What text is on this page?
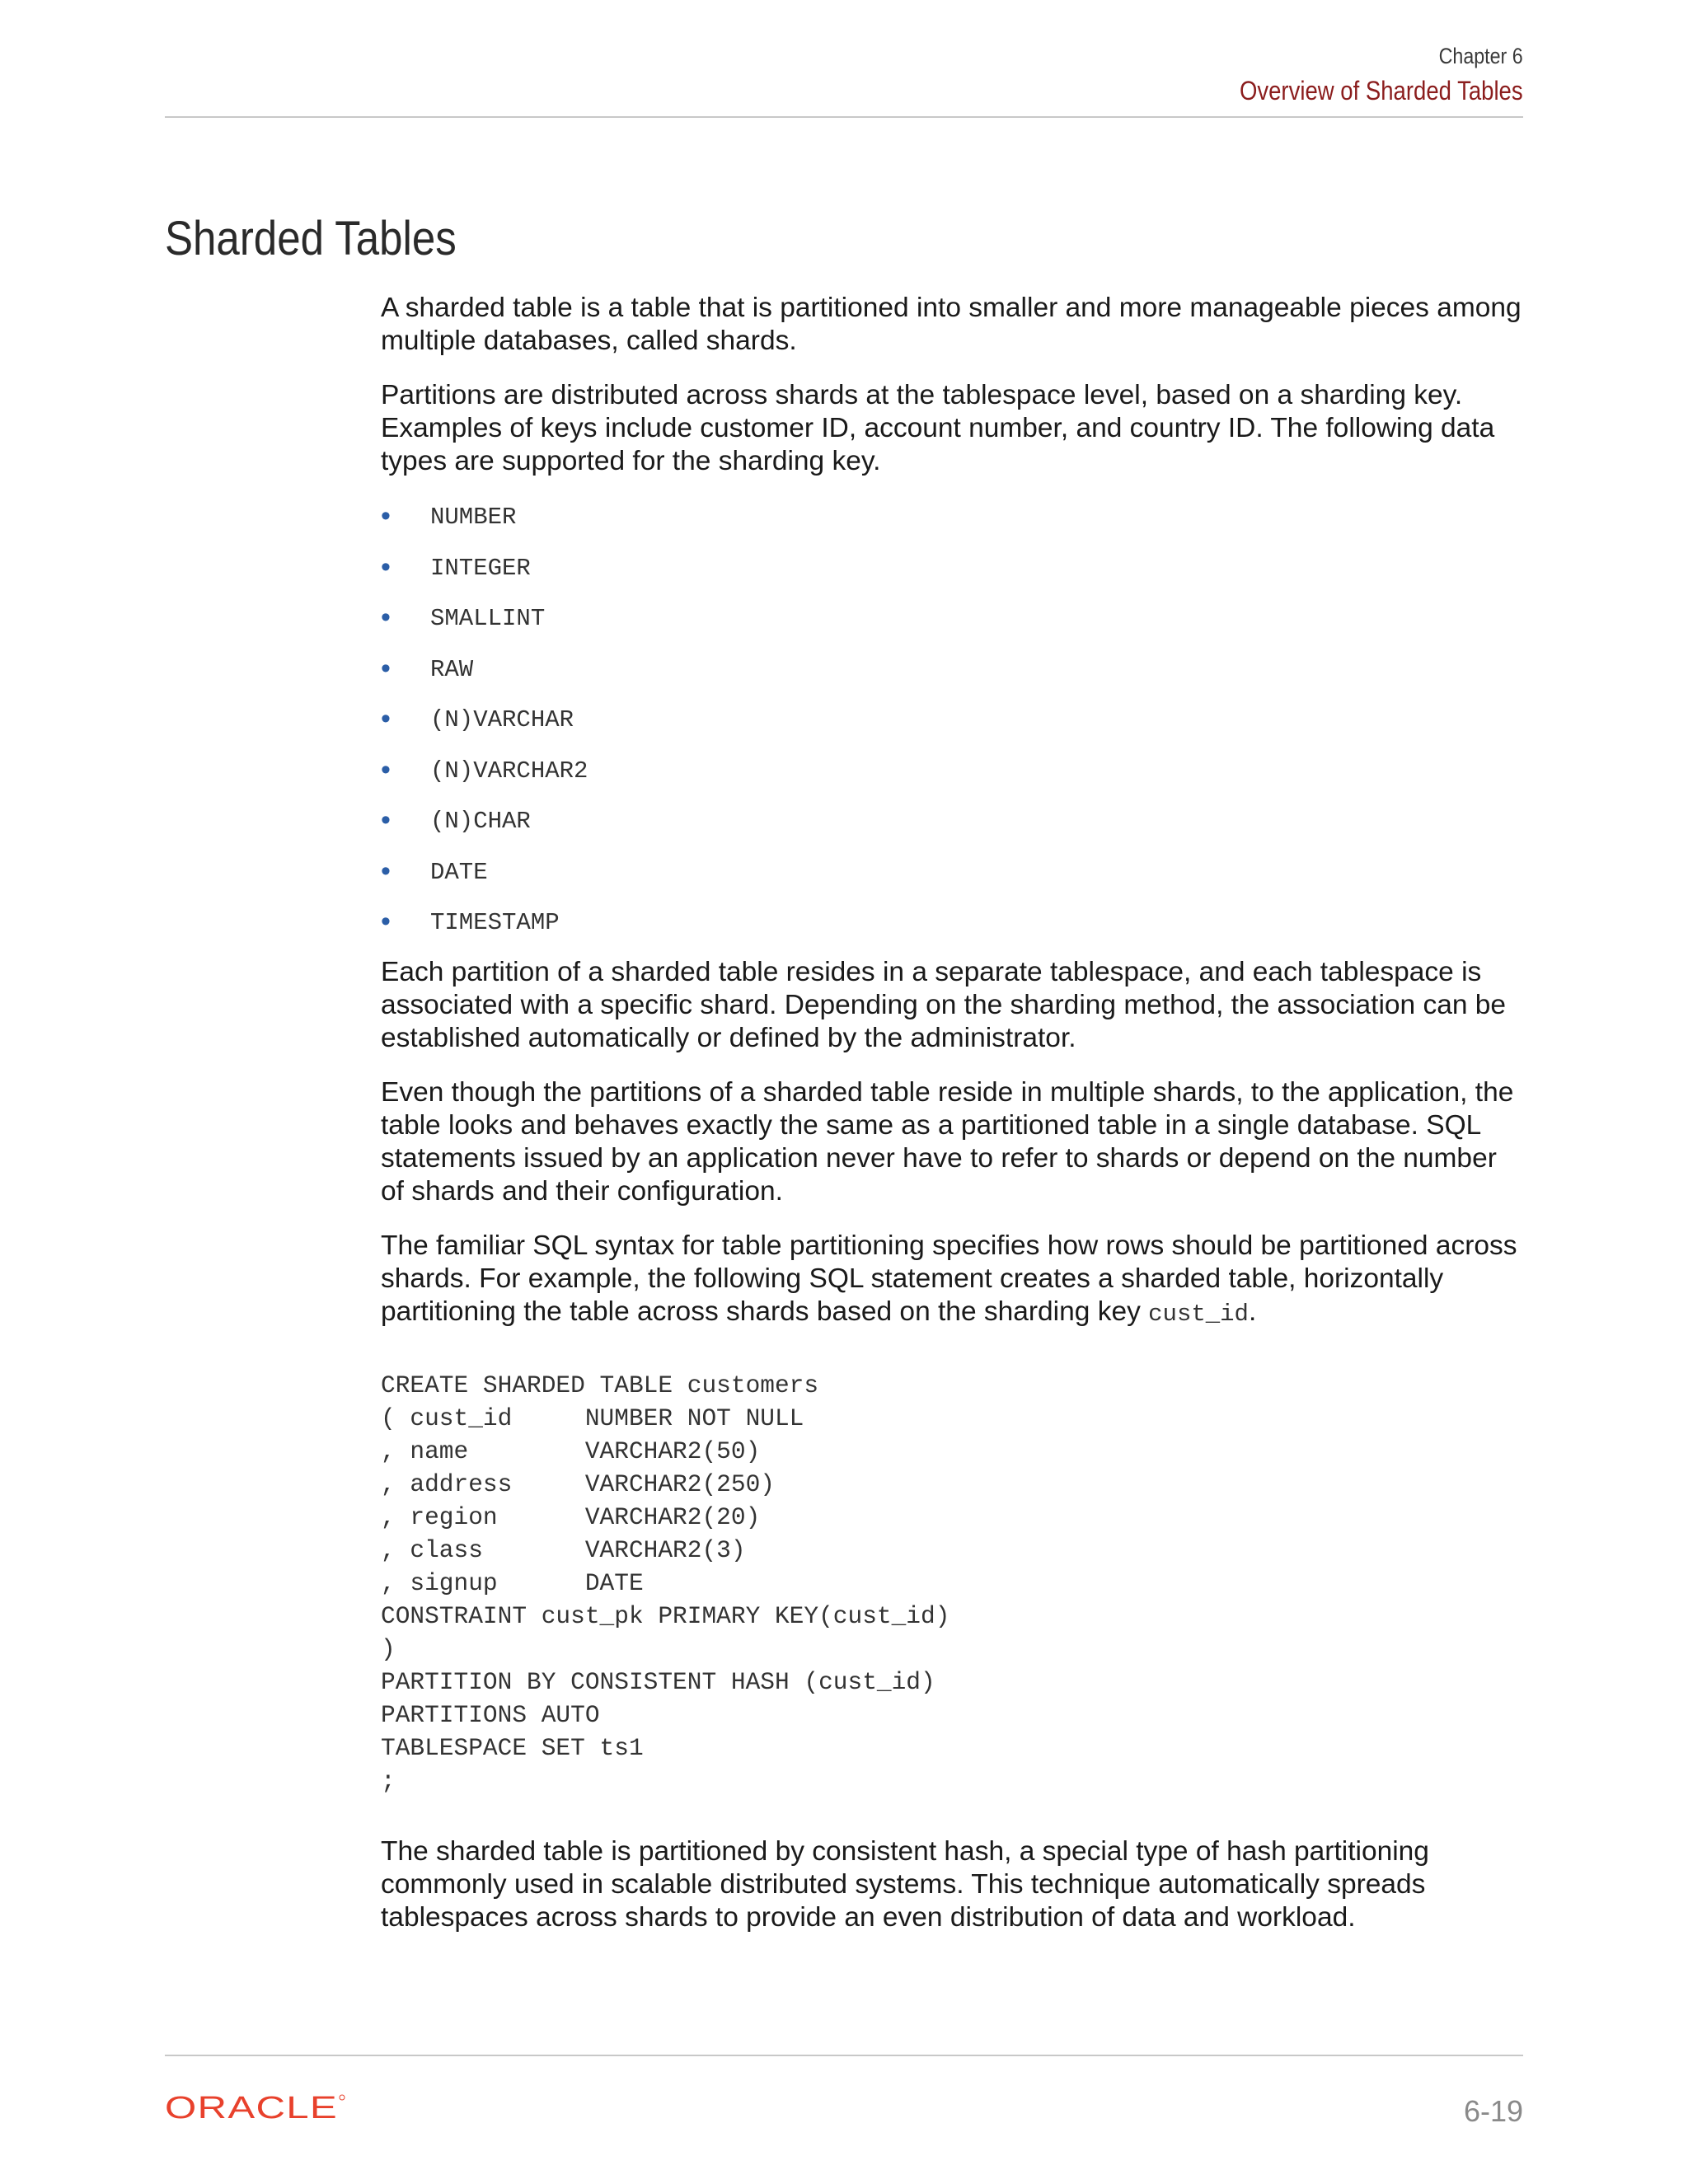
Chapter 6
Overview of Sharded Tables
Sharded Tables

A sharded table is a table that is partitioned into smaller and more manageable pieces among multiple databases, called shards.

Partitions are distributed across shards at the tablespace level, based on a sharding key. Examples of keys include customer ID, account number, and country ID. The following data types are supported for the sharding key.

• NUMBER
• INTEGER
• SMALLINT
• RAW
• (N)VARCHAR
• (N)VARCHAR2
• (N)CHAR
• DATE
• TIMESTAMP

Each partition of a sharded table resides in a separate tablespace, and each tablespace is associated with a specific shard. Depending on the sharding method, the association can be established automatically or defined by the administrator.

Even though the partitions of a sharded table reside in multiple shards, to the application, the table looks and behaves exactly the same as a partitioned table in a single database. SQL statements issued by an application never have to refer to shards or depend on the number of shards and their configuration.

The familiar SQL syntax for table partitioning specifies how rows should be partitioned across shards. For example, the following SQL statement creates a sharded table, horizontally partitioning the table across shards based on the sharding key cust_id.

CREATE SHARDED TABLE customers
( cust_id     NUMBER NOT NULL
, name        VARCHAR2(50)
, address     VARCHAR2(250)
, region      VARCHAR2(20)
, class       VARCHAR2(3)
, signup      DATE
CONSTRAINT cust_pk PRIMARY KEY(cust_id)
)
PARTITION BY CONSISTENT HASH (cust_id)
PARTITIONS AUTO
TABLESPACE SET ts1
;

The sharded table is partitioned by consistent hash, a special type of hash partitioning commonly used in scalable distributed systems. This technique automatically spreads tablespaces across shards to provide an even distribution of data and workload.

ORACLE	6-19
